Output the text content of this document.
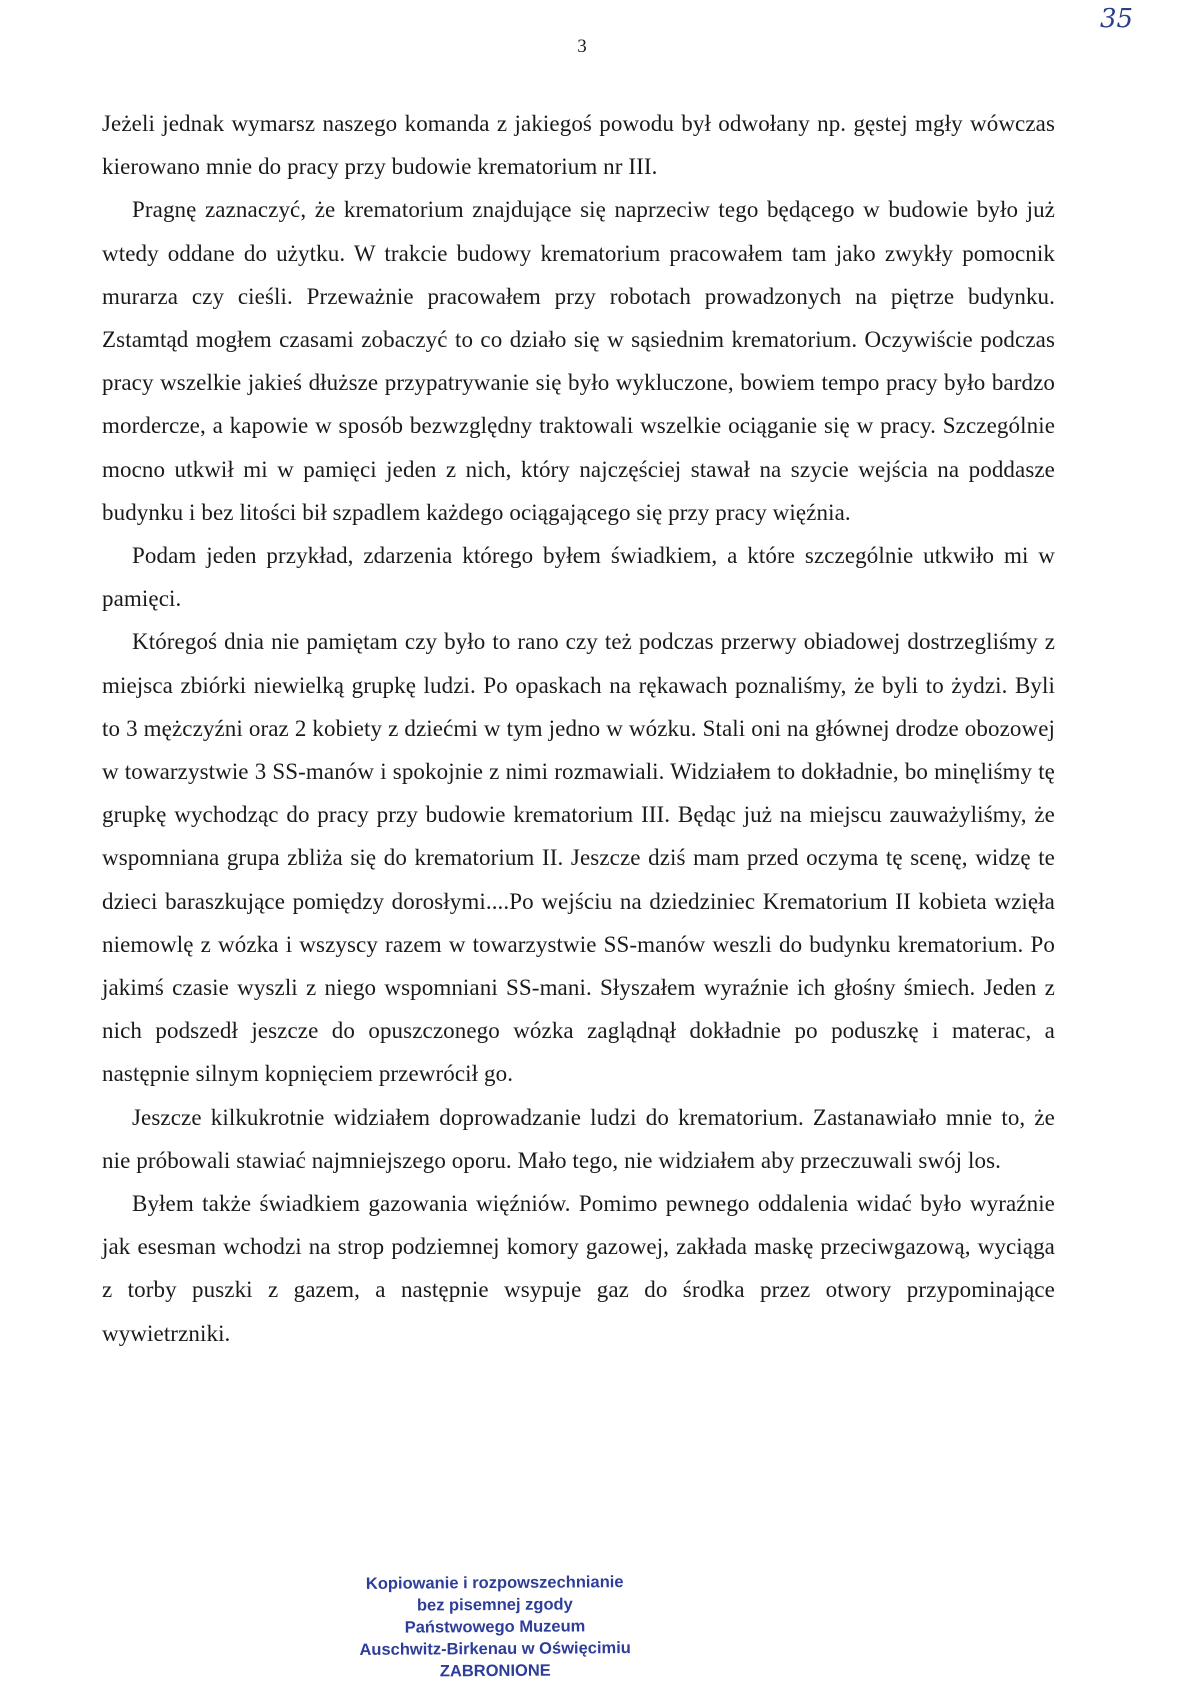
3
35

Jeżeli jednak wymarsz naszego komanda z jakiegoś powodu był odwołany np. gęstej mgły wówczas kierowano mnie do pracy przy budowie krematorium nr III.

Pragnę zaznaczyć, że krematorium znajdujące się naprzeciw tego będącego w budowie było już wtedy oddane do użytku. W trakcie budowy krematorium pracowałem tam jako zwykły pomocnik murarza czy cieśli. Przeważnie pracowałem przy robotach prowadzonych na piętrze budynku. Zstamtąd mogłem czasami zobaczyć to co działo się w sąsiednim krematorium. Oczywiście podczas pracy wszelkie jakieś dłuższe przypatrywanie się było wykluczone, bowiem tempo pracy było bardzo mordercze, a kapowie w sposób bezwzględny traktowali wszelkie ociąganie się w pracy. Szczególnie mocno utkwił mi w pamięci jeden z nich, który najczęściej stawał na szycie wejścia na poddasze budynku i bez litości bił szpadlem każdego ociągającego się przy pracy więźnia.

Podam jeden przykład, zdarzenia którego byłem świadkiem, a które szczególnie utkwiło mi w pamięci.

Któregoś dnia nie pamiętam czy było to rano czy też podczas przerwy obiadowej dostrzegliśmy z miejsca zbiórki niewielką grupkę ludzi. Po opaskach na rękawach poznaliśmy, że byli to żydzi. Byli to 3 mężczyźni oraz 2 kobiety z dziećmi w tym jedno w wózku. Stali oni na głównej drodze obozowej w towarzystwie 3 SS-manów i spokojnie z nimi rozmawiali. Widziałem to dokładnie, bo minęliśmy tę grupkę wychodząc do pracy przy budowie krematorium III. Będąc już na miejscu zauważyliśmy, że wspomniana grupa zbliża się do krematorium II. Jeszcze dziś mam przed oczyma tę scenę, widzę te dzieci baraszkujące pomiędzy dorosłymi....Po wejściu na dziedziniec Krematorium II kobieta wzięła niemowlę z wózka i wszyscy razem w towarzystwie SS-manów weszli do budynku krematorium. Po jakimś czasie wyszli z niego wspomniani SS-mani. Słyszałem wyraźnie ich głośny śmiech. Jeden z nich podszedł jeszcze do opuszczonego wózka zaglądnął dokładnie po poduszkę i materac, a następnie silnym kopnięciem przewrócił go.

Jeszcze kilkukrotnie widziałem doprowadzanie ludzi do krematorium. Zastanawiało mnie to, że nie próbowali stawiać najmniejszego oporu. Mało tego, nie widziałem aby przeczuwali swój los.

Byłem także świadkiem gazowania więźniów. Pomimo pewnego oddalenia widać było wyraźnie jak esesman wchodzi na strop podziemnej komory gazowej, zakłada maskę przeciwgazową, wyciąga z torby puszki z gazem, a następnie wsypuje gaz do środka przez otwory przypominające wywietrzniki.

Kopiowanie i rozpowszechnianie
bez pisemnej zgody
Państwowego Muzeum
Auschwitz-Birkenau w Oświęcimiu
ZABRONIONE
